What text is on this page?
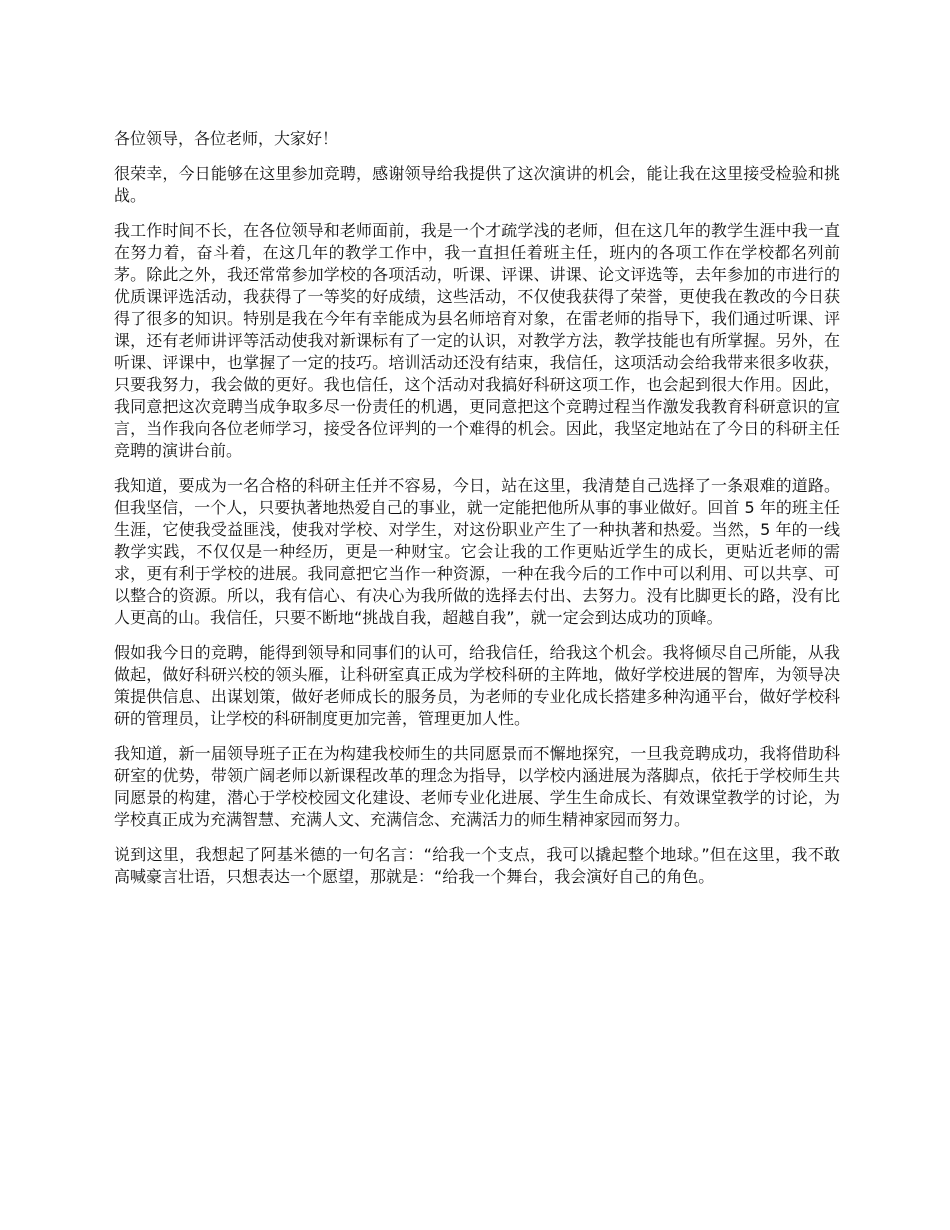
各位领导，各位老师，大家好！

很荣幸，今日能够在这里参加竞聘，感谢领导给我提供了这次演讲的机会，能让我在这里接受检验和挑战。

我工作时间不长，在各位领导和老师面前，我是一个才疏学浅的老师，但在这几年的教学生涯中我一直在努力着，奋斗着，在这几年的教学工作中，我一直担任着班主任，班内的各项工作在学校都名列前茅。除此之外，我还常常参加学校的各项活动，听课、评课、讲课、论文评选等，去年参加的市进行的优质课评选活动，我获得了一等奖的好成绩，这些活动，不仅使我获得了荣誉，更使我在教改的今日获得了很多的知识。特别是我在今年有幸能成为县名师培育对象，在雷老师的指导下，我们通过听课、评课，还有老师讲评等活动使我对新课标有了一定的认识，对教学方法，教学技能也有所掌握。另外，在听课、评课中，也掌握了一定的技巧。培训活动还没有结束，我信任，这项活动会给我带来很多收获，只要我努力，我会做的更好。我也信任，这个活动对我搞好科研这项工作，也会起到很大作用。因此，我同意把这次竞聘当成争取多尽一份责任的机遇，更同意把这个竞聘过程当作激发我教育科研意识的宣言，当作我向各位老师学习，接受各位评判的一个难得的机会。因此，我坚定地站在了今日的科研主任竞聘的演讲台前。

我知道，要成为一名合格的科研主任并不容易，今日，站在这里，我清楚自己选择了一条艰难的道路。但我坚信，一个人，只要执著地热爱自己的事业，就一定能把他所从事的事业做好。回首 5 年的班主任生涯，它使我受益匪浅，使我对学校、对学生，对这份职业产生了一种执著和热爱。当然，5 年的一线教学实践，不仅仅是一种经历，更是一种财宝。它会让我的工作更贴近学生的成长，更贴近老师的需求，更有利于学校的进展。我同意把它当作一种资源，一种在我今后的工作中可以利用、可以共享、可以整合的资源。所以，我有信心、有决心为我所做的选择去付出、去努力。没有比脚更长的路，没有比人更高的山。我信任，只要不断地“挑战自我，超越自我”，就一定会到达成功的顶峰。

假如我今日的竞聘，能得到领导和同事们的认可，给我信任，给我这个机会。我将倾尽自己所能，从我做起，做好科研兴校的领头雁，让科研室真正成为学校科研的主阵地，做好学校进展的智库，为领导决策提供信息、出谋划策，做好老师成长的服务员，为老师的专业化成长搭建多种沟通平台，做好学校科研的管理员，让学校的科研制度更加完善，管理更加人性。

我知道，新一届领导班子正在为构建我校师生的共同愿景而不懈地探究，一旦我竞聘成功，我将借助科研室的优势，带领广阔老师以新课程改革的理念为指导，以学校内涵进展为落脚点，依托于学校师生共同愿景的构建，潜心于学校校园文化建设、老师专业化进展、学生生命成长、有效课堂教学的讨论，为学校真正成为充满智慧、充满人文、充满信念、充满活力的师生精神家园而努力。

说到这里，我想起了阿基米德的一句名言：“给我一个支点，我可以撬起整个地球。”但在这里，我不敢高喊豪言壮语，只想表达一个愿望，那就是：“给我一个舞台，我会演好自己的角色。
